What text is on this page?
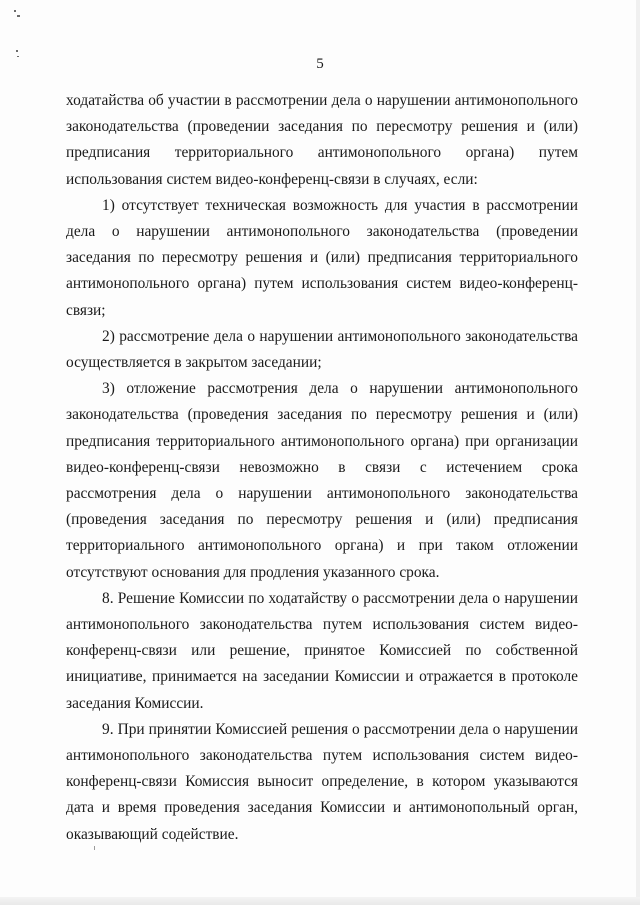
5

ходатайства об участии в рассмотрении дела о нарушении антимонопольного законодательства (проведении заседания по пересмотру решения и (или) предписания территориального антимонопольного органа) путем использования систем видео-конференц-связи в случаях, если:

1) отсутствует техническая возможность для участия в рассмотрении дела о нарушении антимонопольного законодательства (проведении заседания по пересмотру решения и (или) предписания территориального антимонопольного органа) путем использования систем видео-конференц-связи;

2) рассмотрение дела о нарушении антимонопольного законодательства осуществляется в закрытом заседании;

3) отложение рассмотрения дела о нарушении антимонопольного законодательства (проведения заседания по пересмотру решения и (или) предписания территориального антимонопольного органа) при организации видео-конференц-связи невозможно в связи с истечением срока рассмотрения дела о нарушении антимонопольного законодательства (проведения заседания по пересмотру решения и (или) предписания территориального антимонопольного органа) и при таком отложении отсутствуют основания для продления указанного срока.

8. Решение Комиссии по ходатайству о рассмотрении дела о нарушении антимонопольного законодательства путем использования систем видео-конференц-связи или решение, принятое Комиссией по собственной инициативе, принимается на заседании Комиссии и отражается в протоколе заседания Комиссии.

9. При принятии Комиссией решения о рассмотрении дела о нарушении антимонопольного законодательства путем использования систем видео-конференц-связи Комиссия выносит определение, в котором указываются дата и время проведения заседания Комиссии и антимонопольный орган, оказывающий содействие.
